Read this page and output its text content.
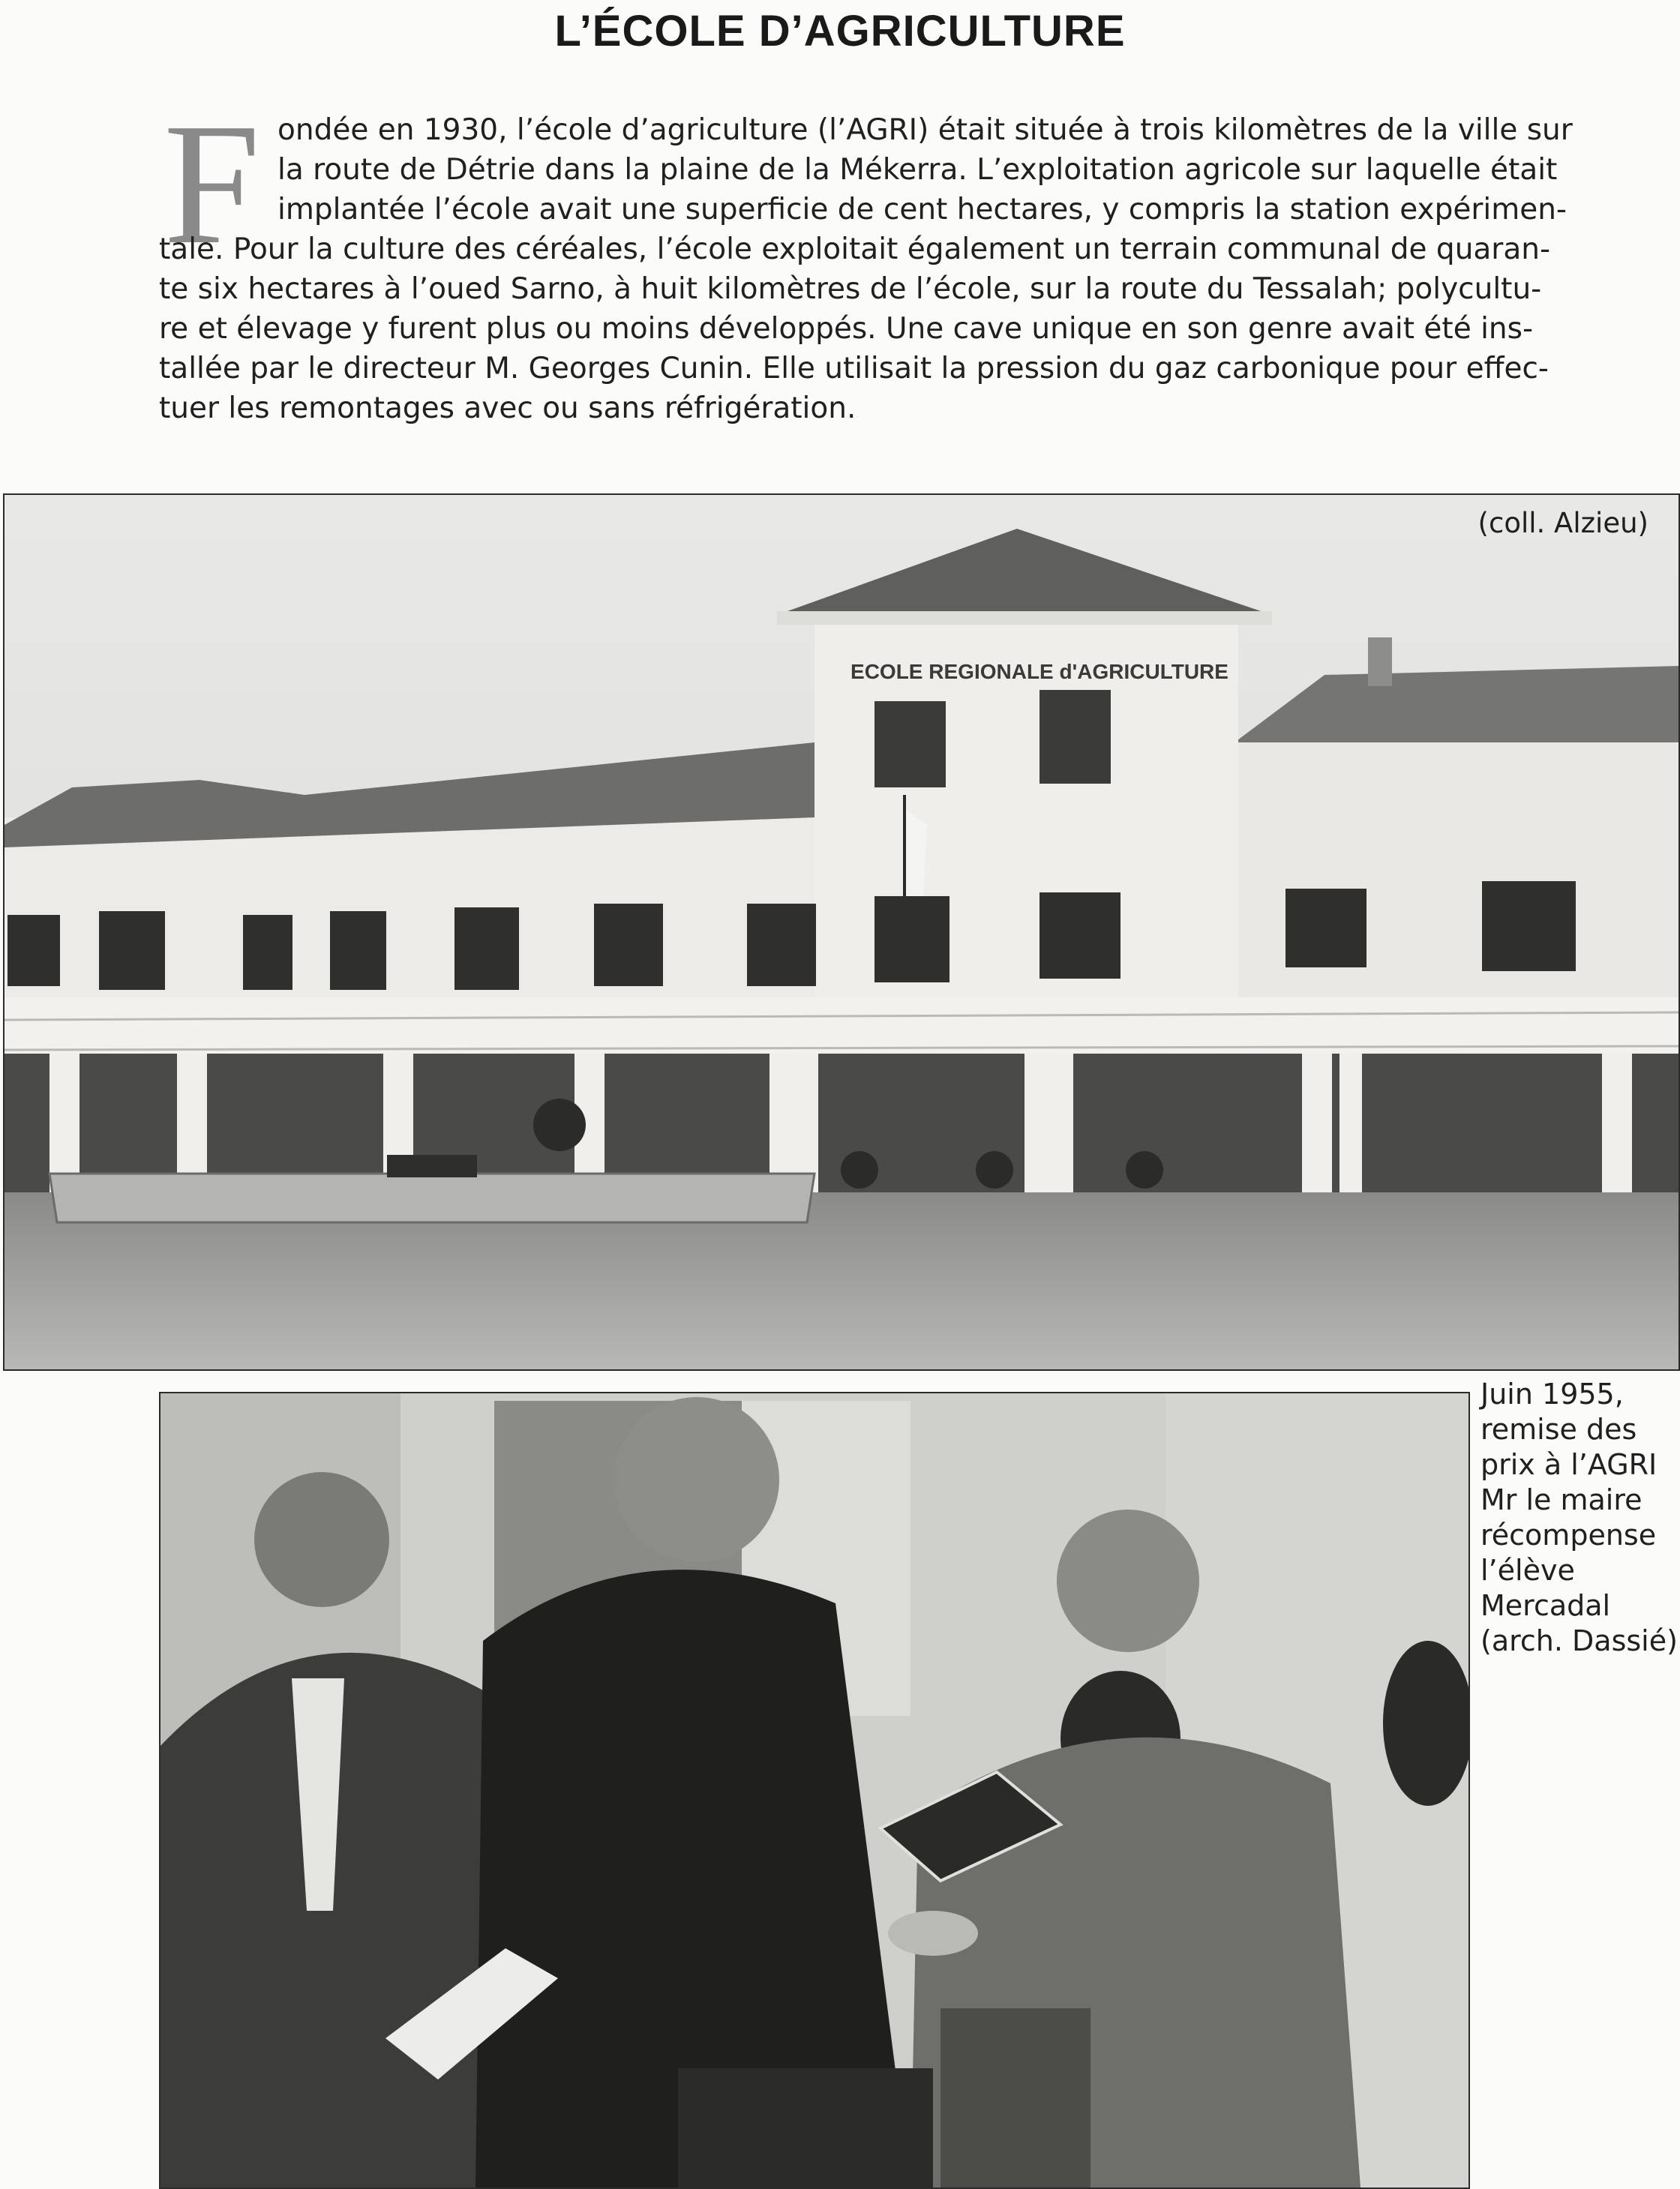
L’ÉCOLE D’AGRICULTURE
F ondée en 1930, l’école d’agriculture (l’AGRI) était située à trois kilomètres de la ville sur
la route de Détrie dans la plaine de la Mékerra. L’exploitation agricole sur laquelle était
implantée l’école avait une superficie de cent hectares, y compris la station expérimen-
tale. Pour la culture des céréales, l’école exploitait également un terrain communal de quaran-
te six hectares à l’oued Sarno, à huit kilomètres de l’école, sur la route du Tessalah; polycultu-
re et élevage y furent plus ou moins développés. Une cave unique en son genre avait été ins-
tallée par le directeur M. Georges Cunin. Elle utilisait la pression du gaz carbonique pour effec-
tuer les remontages avec ou sans réfrigération.
ECOLE REGIONALE d'AGRICULTURE
(coll. Alzieu)
Juin 1955,
remise des
prix à l’AGRI
Mr le maire
récompense
l’élève
Mercadal
(arch. Dassié)
